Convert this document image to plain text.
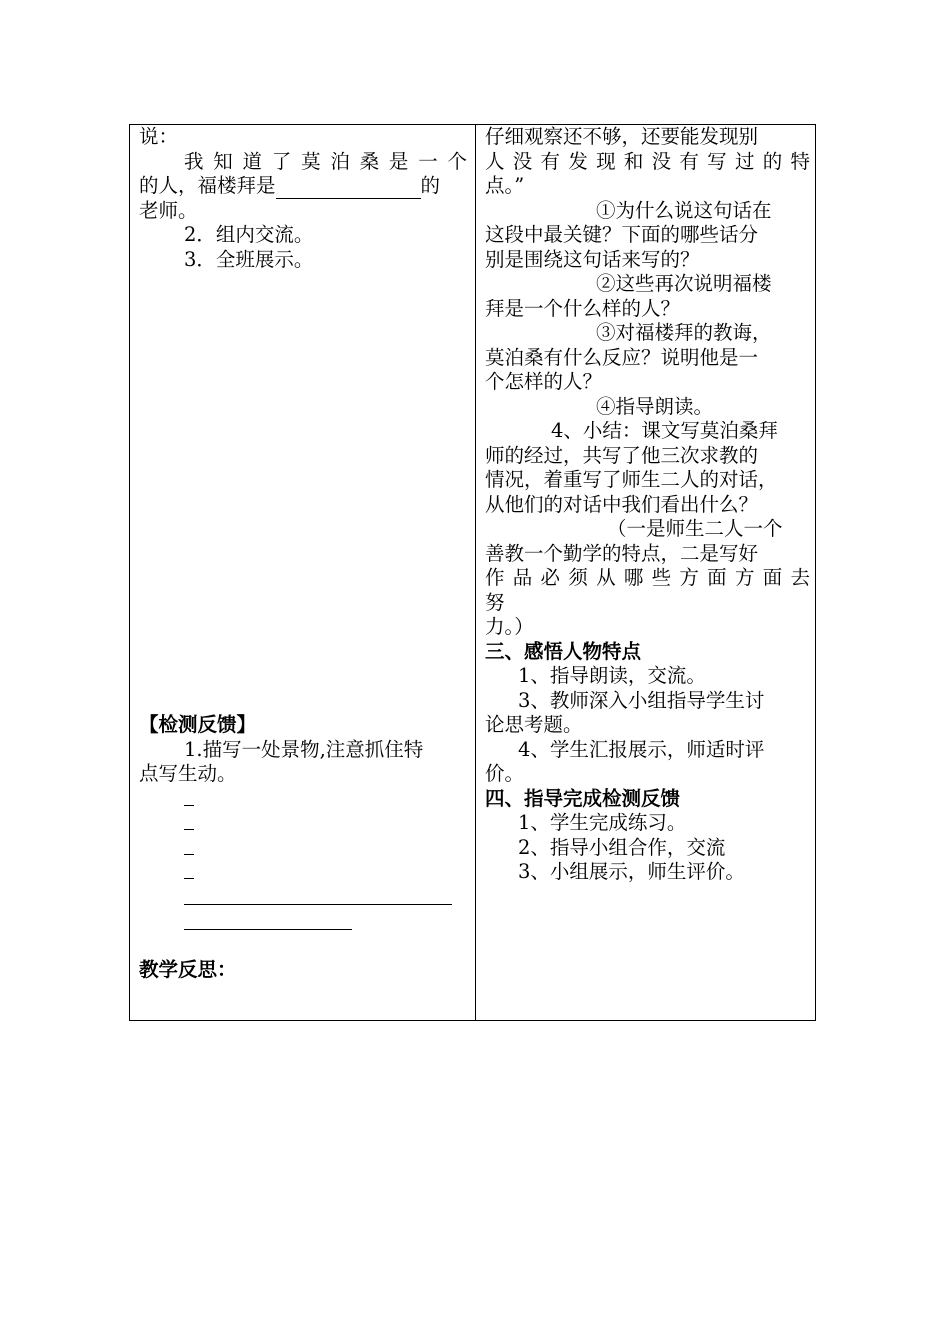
说：
我 知 道 了 莫 泊 桑 是 一 个
的人，福楼拜是	的
老师。
2．组内交流。
3．全班展示。
【检测反馈】
1.描写一处景物,注意抓住特
点写生动。
教学反思：
仔细观察还不够，还要能发现别
人 没 有 发 现 和 没 有 写 过 的 特
点。”
①为什么说这句话在
这段中最关键？下面的哪些话分
别是围绕这句话来写的？
②这些再次说明福楼
拜是一个什么样的人？
③对福楼拜的教诲，
莫泊桑有什么反应？说明他是一
个怎样的人？
④指导朗读。
4、小结：课文写莫泊桑拜
师的经过，共写了他三次求教的
情况，着重写了师生二人的对话，
从他们的对话中我们看出什么？
（一是师生二人一个
善教一个勤学的特点，二是写好
作 品 必 须 从 哪 些 方 面 方 面 去 努
力。）
三、感悟人物特点
1、指导朗读，交流。
3、教师深入小组指导学生讨
论思考题。
4、学生汇报展示，师适时评
价。
四、指导完成检测反馈
1、学生完成练习。
2、指导小组合作，交流
3、小组展示，师生评价。
